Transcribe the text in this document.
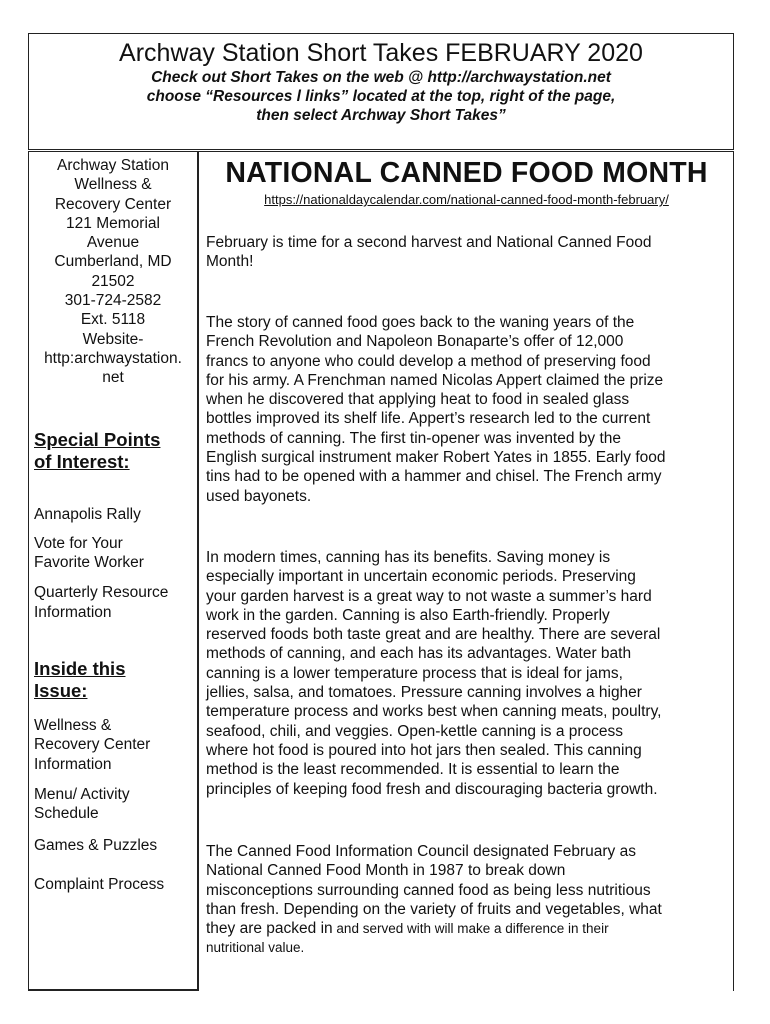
Archway Station Short Takes FEBRUARY 2020
Check out Short Takes on the web @ http://archwaystation.net
choose “Resources l links” located at the top, right of the page,
then select Archway Short Takes”
Archway Station
Wellness &
Recovery Center
121 Memorial
Avenue
Cumberland, MD
21502
301-724-2582
Ext. 5118
Website-
http:archwaystation.
net
Special Points
of Interest:
Annapolis Rally
Vote for Your
Favorite Worker
Quarterly Resource
Information
Inside this
Issue:
Wellness &
Recovery Center
Information
Menu/ Activity
Schedule
Games & Puzzles
Complaint Process
NATIONAL CANNED FOOD MONTH
https://nationaldaycalendar.com/national-canned-food-month-february/
February is time for a second harvest and National Canned Food
Month!
The story of canned food goes back to the waning years of the
French Revolution and Napoleon Bonaparte’s offer of 12,000
francs to anyone who could develop a method of preserving food
for his army. A Frenchman named Nicolas Appert claimed the prize
when he discovered that applying heat to food in sealed glass
bottles improved its shelf life. Appert’s research led to the current
methods of canning. The first tin-opener was invented by the
English surgical instrument maker Robert Yates in 1855. Early food
tins had to be opened with a hammer and chisel. The French army
used bayonets.
In modern times, canning has its benefits. Saving money is
especially important in uncertain economic periods. Preserving
your garden harvest is a great way to not waste a summer’s hard
work in the garden. Canning is also Earth-friendly. Properly
reserved foods both taste great and are healthy. There are several
methods of canning, and each has its advantages. Water bath
canning is a lower temperature process that is ideal for jams,
jellies, salsa, and tomatoes. Pressure canning involves a higher
temperature process and works best when canning meats, poultry,
seafood, chili, and veggies. Open-kettle canning is a process
where hot food is poured into hot jars then sealed. This canning
method is the least recommended. It is essential to learn the
principles of keeping food fresh and discouraging bacteria growth.
The Canned Food Information Council designated February as
National Canned Food Month in 1987 to break down
misconceptions surrounding canned food as being less nutritious
than fresh. Depending on the variety of fruits and vegetables, what
they are packed in and served with will make a difference in their
nutritional value.
